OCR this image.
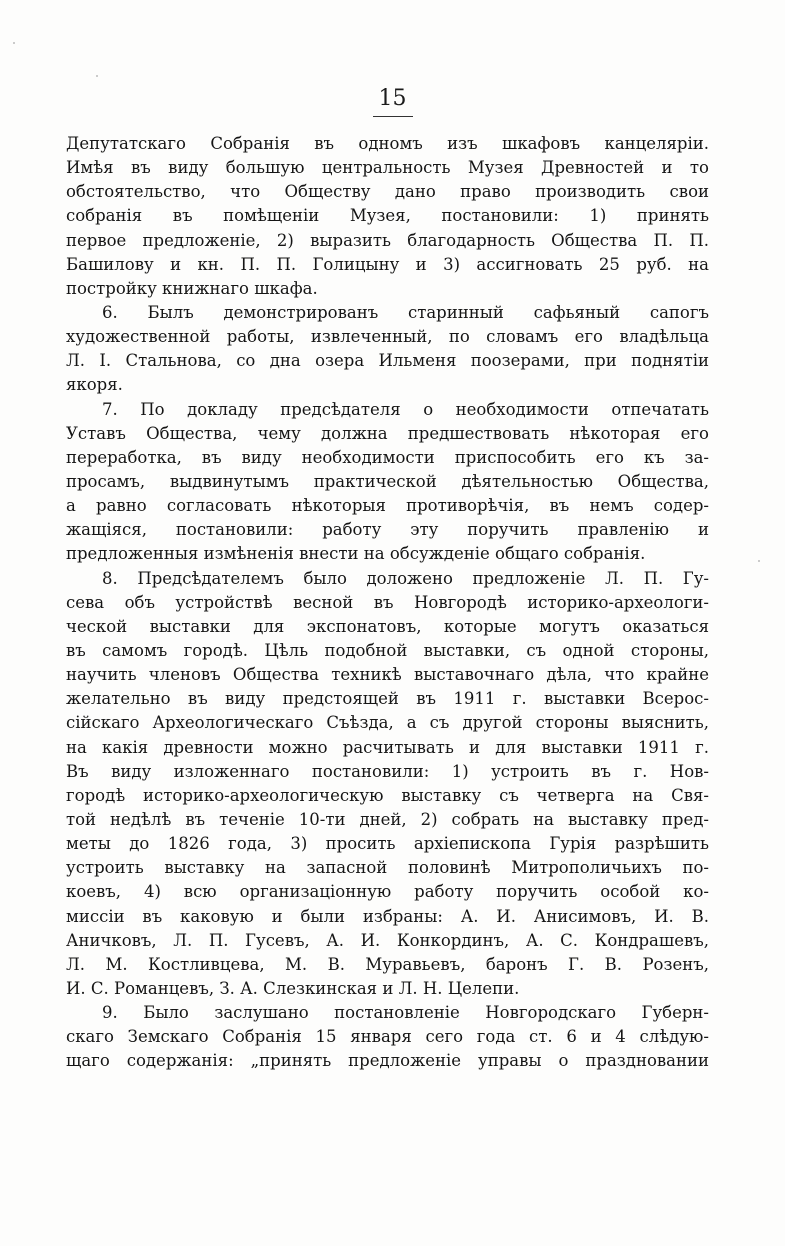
15
Депутатскаго Собранія въ одномъ изъ шкафовъ канцеляріи.
Имѣя въ виду большую центральность Музея Древностей и то
обстоятельство, что Обществу дано право производить свои
собранія въ помѣщеніи Музея, постановили: 1) принять
первое предложеніе, 2) выразить благодарность Общества П. П.
Башилову и кн. П. П. Голицыну и 3) ассигновать 25 руб. на
постройку книжнаго шкафа.
6. Былъ демонстрированъ старинный сафьяный сапогъ
художественной работы, извлеченный, по словамъ его владѣльца
Л. І. Стальнова, со дна озера Ильменя поозерами, при поднятіи
якоря.
7. По докладу предсѣдателя о необходимости отпечатать
Уставъ Общества, чему должна предшествовать нѣкоторая его
переработка, въ виду необходимости приспособить его къ за-
просамъ, выдвинутымъ практической дѣятельностью Общества,
а равно согласовать нѣкоторыя противорѣчія, въ немъ содер-
жащіяся, постановили: работу эту поручить правленію и
предложенныя измѣненія внести на обсужденіе общаго собранія.
8. Предсѣдателемъ было доложено предложеніе Л. П. Гу-
сева объ устройствѣ весной въ Новгородѣ историко-археологи-
ческой выставки для экспонатовъ, которые могутъ оказаться
въ самомъ городѣ. Цѣль подобной выставки, съ одной стороны,
научить членовъ Общества техникѣ выставочнаго дѣла, что крайне
желательно въ виду предстоящей въ 1911 г. выставки Всерос-
сійскаго Археологическаго Съѣзда, а съ другой стороны выяснить,
на какія древности можно расчитывать и для выставки 1911 г.
Въ виду изложеннаго постановили: 1) устроить въ г. Нов-
городѣ историко-археологическую выставку съ четверга на Свя-
той недѣлѣ въ теченіе 10-ти дней, 2) собрать на выставку пред-
меты до 1826 года, 3) просить архіепископа Гурія разрѣшить
устроить выставку на запасной половинѣ Митрополичьихъ по-
коевъ, 4) всю организаціонную работу поручить особой ко-
миссіи въ каковую и были избраны: А. И. Анисимовъ, И. В.
Аничковъ, Л. П. Гусевъ, А. И. Конкординъ, А. С. Кондрашевъ,
Л. М. Костливцева, М. В. Муравьевъ, баронъ Г. В. Розенъ,
И. С. Романцевъ, З. А. Слезкинская и Л. Н. Целепи.
9. Было заслушано постановленіе Новгородскаго Губерн-
скаго Земскаго Собранія 15 января сего года ст. 6 и 4 слѣдую-
щаго содержанія: „принять предложеніе управы о праздновании
